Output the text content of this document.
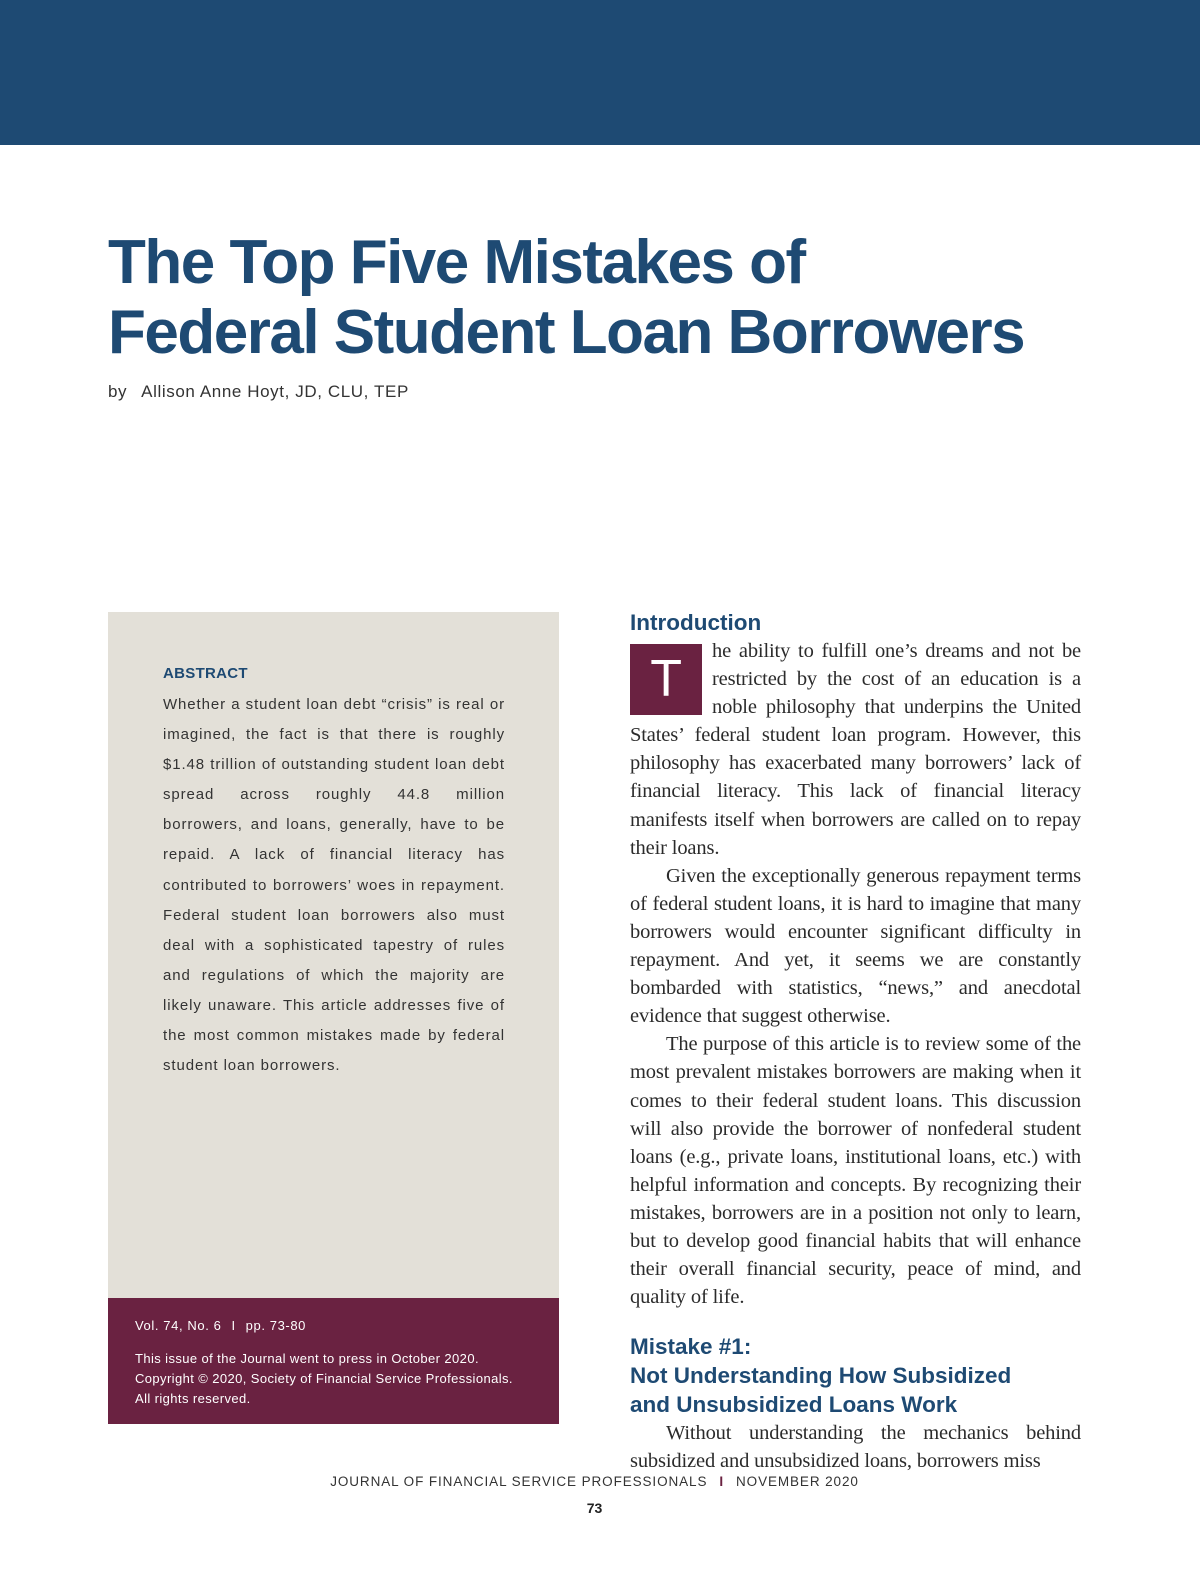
The Top Five Mistakes of
Federal Student Loan Borrowers

by Allison Anne Hoyt, JD, CLU, TEP

ABSTRACT

Whether a student loan debt “crisis” is real or imagined, the fact is that there is roughly $1.48 trillion of outstanding student loan debt spread across roughly 44.8 million borrowers, and loans, generally, have to be repaid. A lack of financial literacy has contributed to borrowers’ woes in repayment. Federal student loan borrowers also must deal with a sophisticated tapestry of rules and regulations of which the majority are likely unaware. This article addresses five of the most common mistakes made by federal student loan borrowers.

Vol. 74, No. 6 I pp. 73-80

This issue of the Journal went to press in October 2020.
Copyright © 2020, Society of Financial Service Professionals.
All rights reserved.

Introduction

T	he ability to fulfill one’s dreams and not be restricted by the cost of an education is a noble philosophy that underpins the United States’ federal student loan program. However, this philosophy has exacerbated many borrowers’ lack of financial literacy. This lack of financial literacy manifests itself when borrowers are called on to repay their loans.

Given the exceptionally generous repayment terms of federal student loans, it is hard to imagine that many borrowers would encounter significant difficulty in repayment. And yet, it seems we are constantly bombarded with statistics, “news,” and anecdotal evidence that suggest otherwise.

The purpose of this article is to review some of the most prevalent mistakes borrowers are making when it comes to their federal student loans. This discussion will also provide the borrower of nonfederal student loans (e.g., private loans, institutional loans, etc.) with helpful information and concepts. By recognizing their mistakes, borrowers are in a position not only to learn, but to develop good financial habits that will enhance their overall financial security, peace of mind, and quality of life.

Mistake #1:
Not Understanding How Subsidized
and Unsubsidized Loans Work

Without understanding the mechanics behind subsidized and unsubsidized loans, borrowers miss

JOURNAL OF FINANCIAL SERVICE PROFESSIONALS I NOVEMBER 2020
73
